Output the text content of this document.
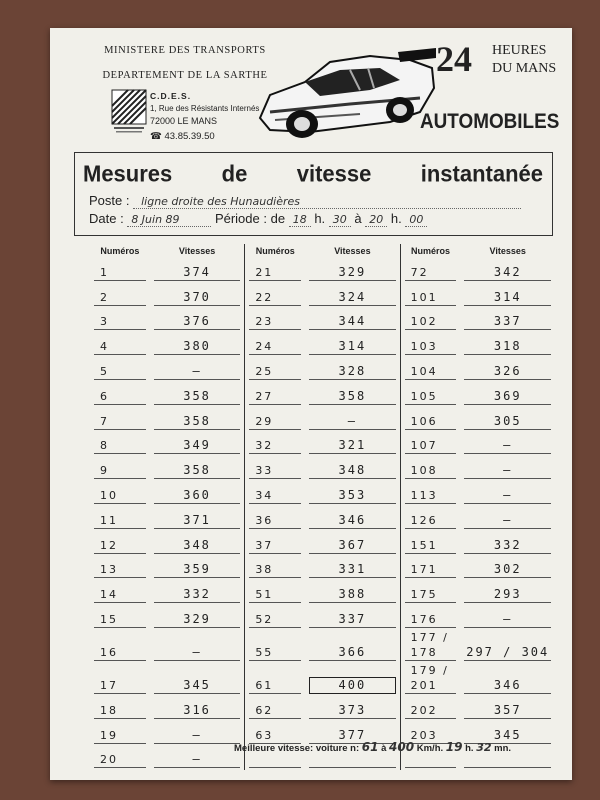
MINISTERE DES TRANSPORTS
DEPARTEMENT DE LA SARTHE
C.D.E.S.
1, Rue des Résistants Internés
72000 LE MANS
☎ 43.85.39.50
24 HEURES
DU MANS
AUTOMOBILES
Mesures de vitesse instantanée
Poste : ligne droite des Hunaudières
Date : 8 Juin 89	Période : de 18 h. 30 à 20 h. 00
Numéros	Vitesses	Numéros	Vitesses	Numéros	Vitesses

1	374	21	329	72	342

2	370	22	324	101	314

3	376	23	344	102	337

4	380	24	314	103	318

5	—	25	328	104	326

6	358	27	358	105	369

7	358	29	—	106	305

8	349	32	321	107	—

9	358	33	348	108	—

10	360	34	353	113	—

11	371	36	346	126	—

12	348	37	367	151	332

13	359	38	331	171	302

14	332	51	388	175	293

15	329	52	337	176	—

16	—	55	366	177 / 178	297 / 304

17	345	61	400	179 / 201	346

18	316	62	373	202	357

19	—	63	377	203	345

20	—				

Meilleure vitesse: voiture n: 61 à 400 Km/h. 19 h. 32 mn.
